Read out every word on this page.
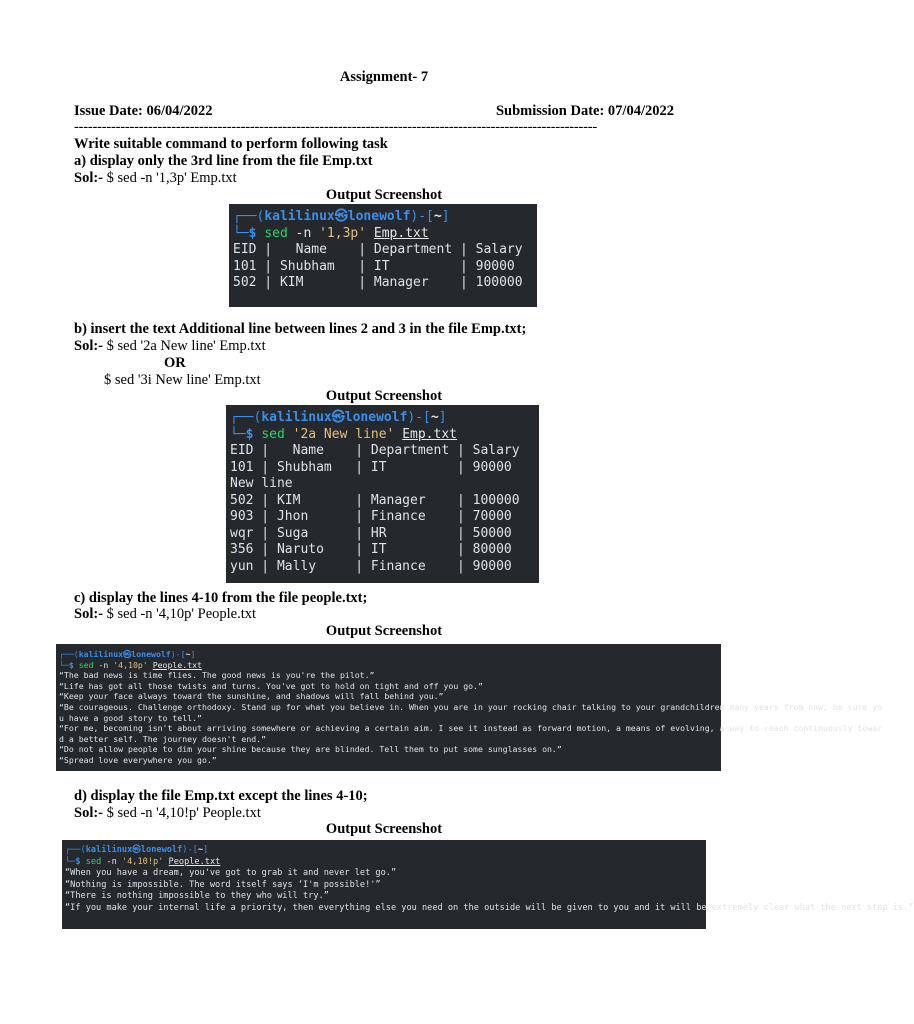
Assignment- 7
Issue Date: 06/04/2022	Submission Date: 07/04/2022
-----------------------------------------------------------------------------------------------------------------
Write suitable command to perform following task
a) display only the 3rd line from the file Emp.txt
Sol:- $ sed -n '1,3p' Emp.txt
Output Screenshot
┌──(kalilinux㉿lonewolf)-[~]
└─$ sed -n '1,3p' Emp.txt
EID |   Name    | Department | Salary
101 | Shubham   | IT         | 90000
502 | KIM       | Manager    | 100000
b) insert the text Additional line between lines 2 and 3 in the file Emp.txt;
Sol:- $ sed '2a New line' Emp.txt
OR
$ sed '3i New line' Emp.txt
Output Screenshot
┌──(kalilinux㉿lonewolf)-[~]
└─$ sed '2a New line' Emp.txt
EID |   Name    | Department | Salary
101 | Shubham   | IT         | 90000
New line
502 | KIM       | Manager    | 100000
903 | Jhon      | Finance    | 70000
wqr | Suga      | HR         | 50000
356 | Naruto    | IT         | 80000
yun | Mally     | Finance    | 90000
c) display the lines 4-10 from the file people.txt;
Sol:- $ sed -n '4,10p' People.txt
Output Screenshot
┌──(kalilinux㉿lonewolf)-[~]
└─$ sed -n '4,10p' People.txt
“The bad news is time flies. The good news is you're the pilot.”
“Life has got all those twists and turns. You've got to hold on tight and off you go.”
“Keep your face always toward the sunshine, and shadows will fall behind you.”
“Be courageous. Challenge orthodoxy. Stand up for what you believe in. When you are in your rocking chair talking to your grandchildren many years from now, be sure yo
u have a good story to tell.”
“For me, becoming isn't about arriving somewhere or achieving a certain aim. I see it instead as forward motion, a means of evolving, a way to reach continuously towar
d a better self. The journey doesn't end.”
“Do not allow people to dim your shine because they are blinded. Tell them to put some sunglasses on.”
“Spread love everywhere you go.”
d) display the file Emp.txt except the lines 4-10;
Sol:- $ sed -n '4,10!p' People.txt
Output Screenshot
┌──(kalilinux㉿lonewolf)-[~]
└─$ sed -n '4,10!p' People.txt
“When you have a dream, you've got to grab it and never let go.”
“Nothing is impossible. The word itself says ‘I'm possible!'”
“There is nothing impossible to they who will try.”
“If you make your internal life a priority, then everything else you need on the outside will be given to you and it will be extremely clear what the next step is.”
